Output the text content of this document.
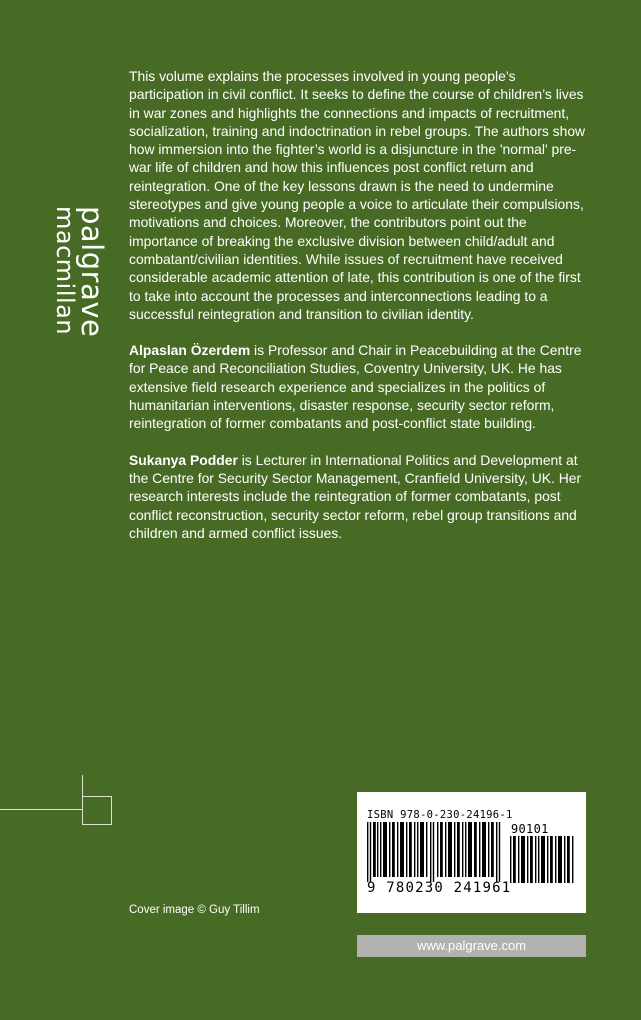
palgrave
macmillan

This volume explains the processes involved in young people’s participation in civil conflict. It seeks to define the course of children’s lives in war zones and highlights the connections and impacts of recruitment, socialization, training and indoctrination in rebel groups. The authors show how immersion into the fighter’s world is a disjuncture in the 'normal' pre-war life of children and how this influences post conflict return and reintegration. One of the key lessons drawn is the need to undermine stereotypes and give young people a voice to articulate their compulsions, motivations and choices. Moreover, the contributors point out the importance of breaking the exclusive division between child/adult and combatant/civilian identities. While issues of recruitment have received considerable academic attention of late, this contribution is one of the first to take into account the processes and interconnections leading to a successful reintegration and transition to civilian identity.

Alpaslan Özerdem is Professor and Chair in Peacebuilding at the Centre for Peace and Reconciliation Studies, Coventry University, UK. He has extensive field research experience and specializes in the politics of humanitarian interventions, disaster response, security sector reform, reintegration of former combatants and post-conflict state building.

Sukanya Podder is Lecturer in International Politics and Development at the Centre for Security Sector Management, Cranfield University, UK. Her research interests include the reintegration of former combatants, post conflict reconstruction, security sector reform, rebel group transitions and children and armed conflict issues.

Cover image © Guy Tillim
ISBN 978-0-230-24196-1
90101
9 780230 241961
www.palgrave.com
